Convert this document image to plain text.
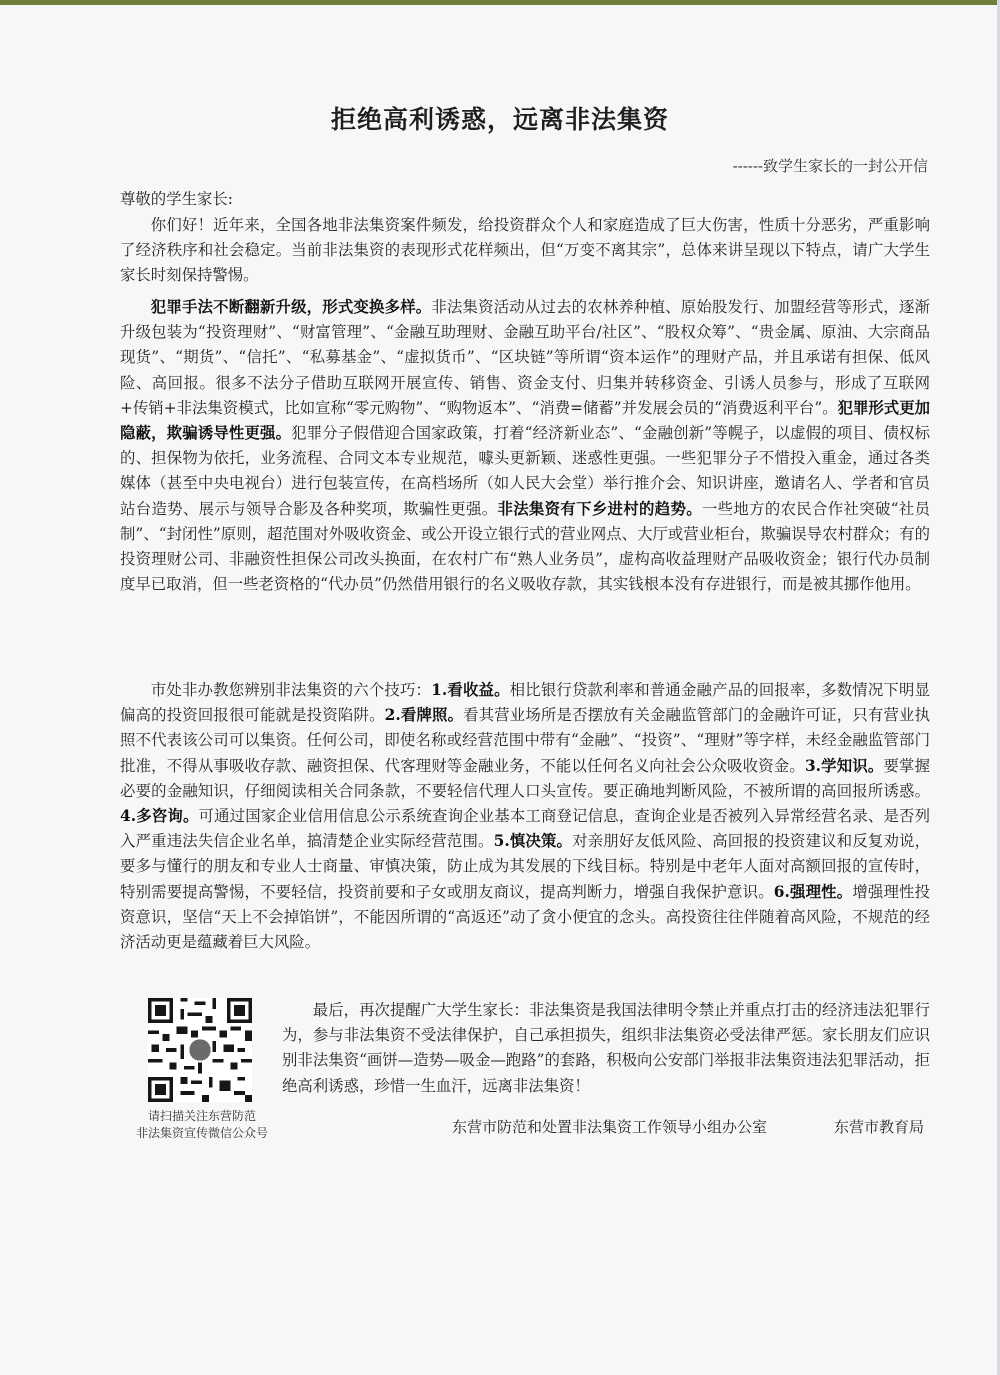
拒绝高利诱惑，远离非法集资
------致学生家长的一封公开信
尊敬的学生家长:

你们好！近年来，全国各地非法集资案件频发，给投资群众个人和家庭造成了巨大伤害，性质十分恶劣，严重影响了经济秩序和社会稳定。当前非法集资的表现形式花样频出，但“万变不离其宗”，总体来讲呈现以下特点，请广大学生家长时刻保持警惕。

犯罪手法不断翻新升级，形式变换多样。非法集资活动从过去的农林养种植、原始股发行、加盟经营等形式，逐渐升级包装为“投资理财”、“财富管理”、“金融互助理财、金融互助平台/社区”、“股权众筹”、“贵金属、原油、大宗商品现货”、“期货”、“信托”、“私募基金”、“虚拟货币”、“区块链”等所谓“资本运作”的理财产品，并且承诺有担保、低风险、高回报。很多不法分子借助互联网开展宣传、销售、资金支付、归集并转移资金、引诱人员参与，形成了互联网+传销+非法集资模式，比如宣称“零元购物”、“购物返本”、“消费=储蓄”并发展会员的“消费返利平台”。犯罪形式更加隐蔽，欺骗诱导性更强。犯罪分子假借迎合国家政策，打着“经济新业态”、“金融创新”等幌子，以虚假的项目、债权标的、担保物为依托，业务流程、合同文本专业规范，噱头更新颖、迷惑性更强。一些犯罪分子不惜投入重金，通过各类媒体（甚至中央电视台）进行包装宣传，在高档场所（如人民大会堂）举行推介会、知识讲座，邀请名人、学者和官员站台造势、展示与领导合影及各种奖项，欺骗性更强。非法集资有下乡进村的趋势。一些地方的农民合作社突破“社员制”、“封闭性”原则，超范围对外吸收资金、或公开设立银行式的营业网点、大厅或营业柜台，欺骗误导农村群众；有的投资理财公司、非融资性担保公司改头换面，在农村广布“熟人业务员”，虚构高收益理财产品吸收资金；银行代办员制度早已取消，但一些老资格的“代办员”仍然借用银行的名义吸收存款，其实钱根本没有存进银行，而是被其挪作他用。

市处非办教您辨别非法集资的六个技巧：1.看收益。相比银行贷款利率和普通金融产品的回报率，多数情况下明显偏高的投资回报很可能就是投资陷阱。2.看牌照。看其营业场所是否摆放有关金融监管部门的金融许可证，只有营业执照不代表该公司可以集资。任何公司，即使名称或经营范围中带有“金融”、“投资”、“理财”等字样，未经金融监管部门批准，不得从事吸收存款、融资担保、代客理财等金融业务，不能以任何名义向社会公众吸收资金。3.学知识。要掌握必要的金融知识，仔细阅读相关合同条款，不要轻信代理人口头宣传。要正确地判断风险，不被所谓的高回报所诱惑。4.多咨询。可通过国家企业信用信息公示系统查询企业基本工商登记信息，查询企业是否被列入异常经营名录、是否列入严重违法失信企业名单，搞清楚企业实际经营范围。5.慎决策。对亲朋好友低风险、高回报的投资建议和反复劝说，要多与懂行的朋友和专业人士商量、审慎决策，防止成为其发展的下线目标。特别是中老年人面对高额回报的宣传时，特别需要提高警惕，不要轻信，投资前要和子女或朋友商议，提高判断力，增强自我保护意识。6.强理性。增强理性投资意识，坚信“天上不会掉馅饼”，不能因所谓的“高返还”动了贪小便宜的念头。高投资往往伴随着高风险，不规范的经济活动更是蕴藏着巨大风险。

请扫描关注东营防范
非法集资宣传微信公众号

最后，再次提醒广大学生家长：非法集资是我国法律明令禁止并重点打击的经济违法犯罪行为，参与非法集资不受法律保护，自己承担损失，组织非法集资必受法律严惩。家长朋友们应识别非法集资“画饼—造势—吸金—跑路”的套路，积极向公安部门举报非法集资违法犯罪活动，拒绝高利诱惑，珍惜一生血汗，远离非法集资！

东营市防范和处置非法集资工作领导小组办公室	东营市教育局
